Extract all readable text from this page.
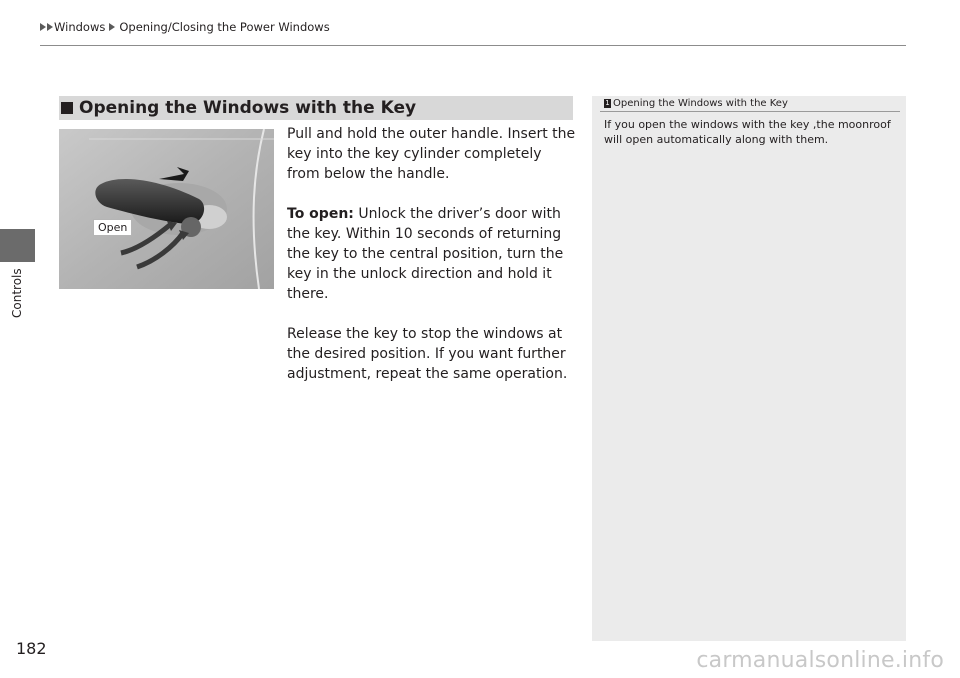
Windows Opening/Closing the Power Windows
Controls
Opening the Windows with the Key
Open

Pull and hold the outer handle. Insert the key into the key cylinder completely from below the handle.

To open: Unlock the driver’s door with the key. Within 10 seconds of returning the key to the central position, turn the key in the unlock direction and hold it there.

Release the key to stop the windows at the desired position. If you want further adjustment, repeat the same operation.

1 Opening the Windows with the Key
If you open the windows with the key ,the moonroof will open automatically along with them.
182	carmanualsonline.info
